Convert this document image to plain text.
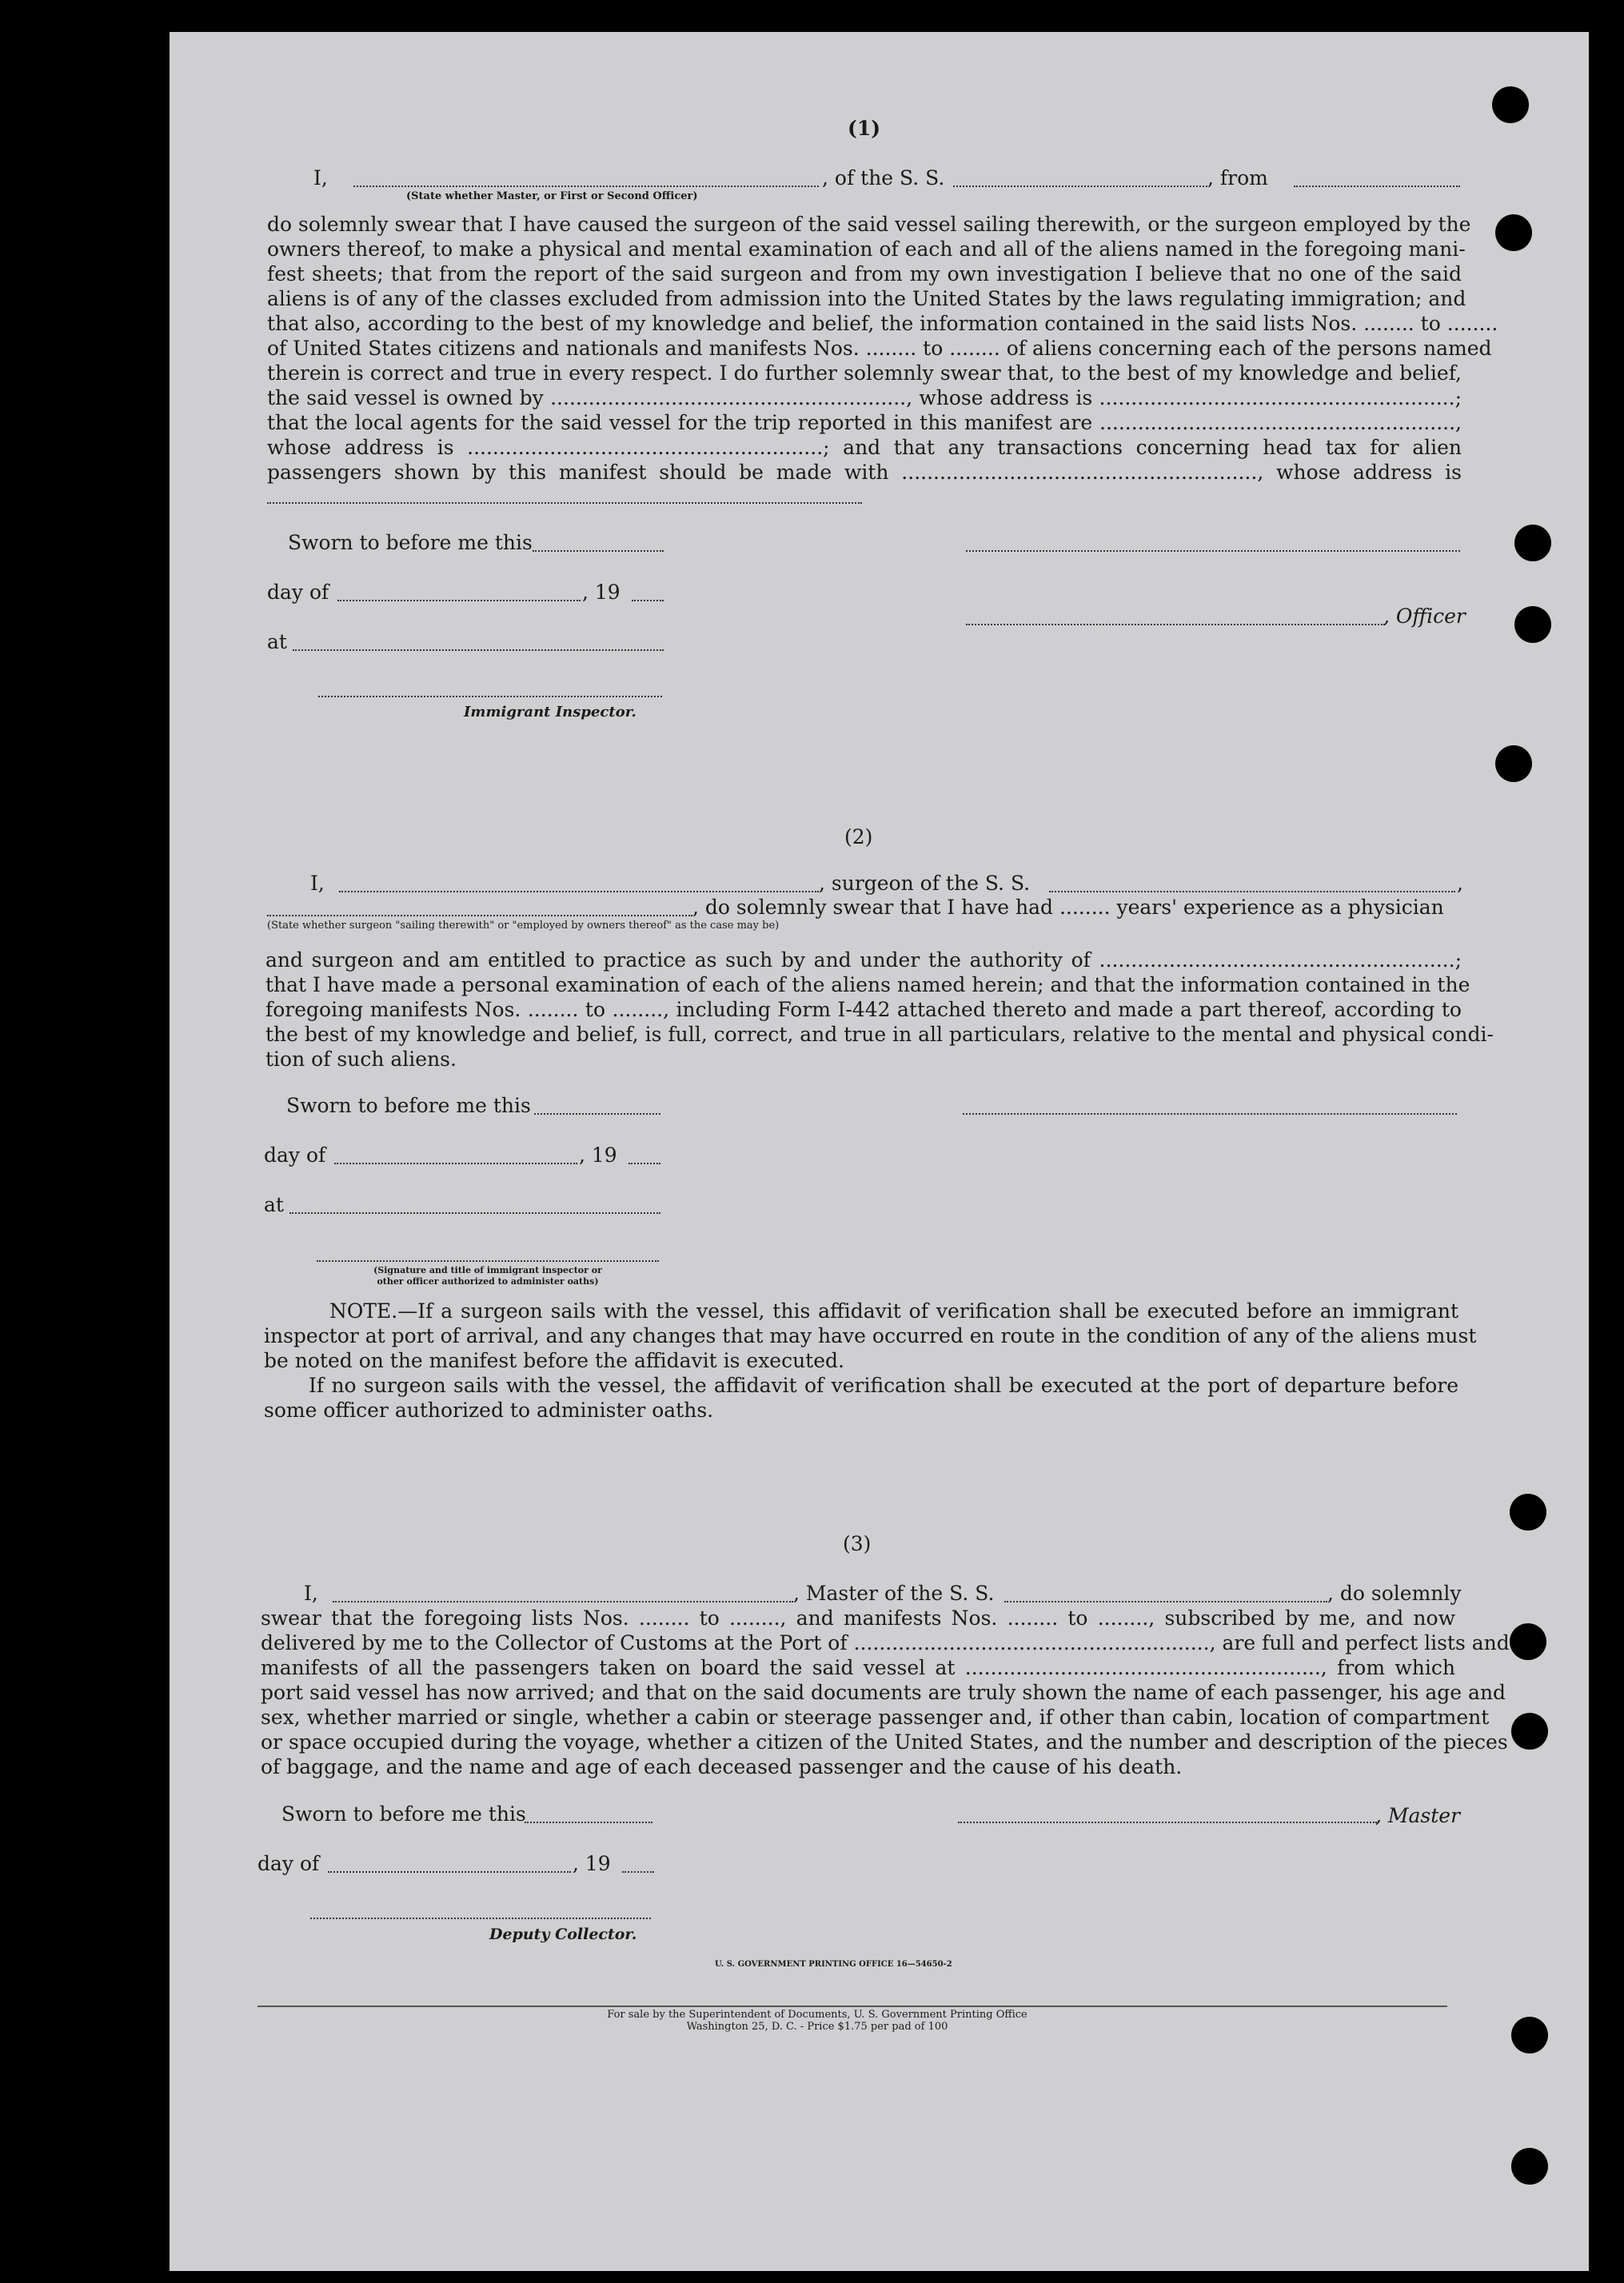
(1)
I,	, of the S. S.	, from
(State whether Master, or First or Second Officer)
do solemnly swear that I have caused the surgeon of the said vessel sailing therewith, or the surgeon employed by the
owners thereof, to make a physical and mental examination of each and all of the aliens named in the foregoing mani-
fest sheets; that from the report of the said surgeon and from my own investigation I believe that no one of the said
aliens is of any of the classes excluded from admission into the United States by the laws regulating immigration; and
that also, according to the best of my knowledge and belief, the information contained in the said lists Nos. ........ to ........
of United States citizens and nationals and manifests Nos. ........ to ........ of aliens concerning each of the persons named
therein is correct and true in every respect. I do further solemnly swear that, to the best of my knowledge and belief,
the said vessel is owned by ........................................................, whose address is ........................................................;
that the local agents for the said vessel for the trip reported in this manifest are ........................................................,
whose address is ........................................................; and that any transactions concerning head tax for alien
passengers shown by this manifest should be made with ........................................................, whose address is
Sworn to before me this
day of	, 19
, Officer
at
Immigrant Inspector.
(2)
I,	, surgeon of the S. S.	,
, do solemnly swear that I have had ........ years' experience as a physician
(State whether surgeon "sailing therewith" or "employed by owners thereof" as the case may be)
and surgeon and am entitled to practice as such by and under the authority of ........................................................;
that I have made a personal examination of each of the aliens named herein; and that the information contained in the
foregoing manifests Nos. ........ to ........, including Form I-442 attached thereto and made a part thereof, according to
the best of my knowledge and belief, is full, correct, and true in all particulars, relative to the mental and physical condi-
tion of such aliens.
Sworn to before me this
day of	, 19
at
(Signature and title of immigrant inspector or
other officer authorized to administer oaths)
NOTE.—If a surgeon sails with the vessel, this affidavit of verification shall be executed before an immigrant
inspector at port of arrival, and any changes that may have occurred en route in the condition of any of the aliens must
be noted on the manifest before the affidavit is executed.
If no surgeon sails with the vessel, the affidavit of verification shall be executed at the port of departure before
some officer authorized to administer oaths.
(3)
I,	, Master of the S. S.	, do solemnly
swear that the foregoing lists Nos. ........ to ........, and manifests Nos. ........ to ........, subscribed by me, and now
delivered by me to the Collector of Customs at the Port of ........................................................, are full and perfect lists and
manifests of all the passengers taken on board the said vessel at ........................................................, from which
port said vessel has now arrived; and that on the said documents are truly shown the name of each passenger, his age and
sex, whether married or single, whether a cabin or steerage passenger and, if other than cabin, location of compartment
or space occupied during the voyage, whether a citizen of the United States, and the number and description of the pieces
of baggage, and the name and age of each deceased passenger and the cause of his death.
Sworn to before me this	, Master
day of	, 19
Deputy Collector.
U. S. GOVERNMENT PRINTING OFFICE 16—54650-2
For sale by the Superintendent of Documents, U. S. Government Printing Office
Washington 25, D. C. - Price $1.75 per pad of 100
